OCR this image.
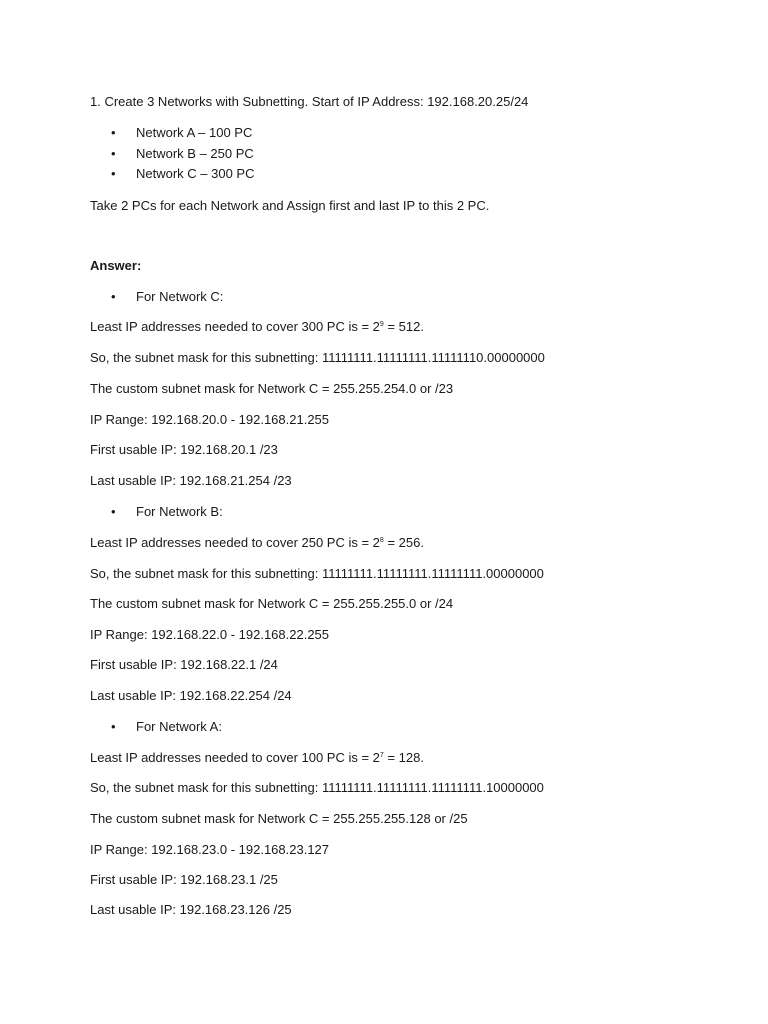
1. Create 3 Networks with Subnetting. Start of IP Address: 192.168.20.25/24
• Network A – 100 PC
• Network B – 250 PC
• Network C – 300 PC
Take 2 PCs for each Network and Assign first and last IP to this 2 PC.
Answer:
• For Network C:
Least IP addresses needed to cover 300 PC is = $2^9 = 512$.
So, the subnet mask for this subnetting: 11111111.11111111.11111110.00000000
The custom subnet mask for Network C = 255.255.254.0 or /23
IP Range: 192.168.20.0 - 192.168.21.255
First usable IP: 192.168.20.1 /23
Last usable IP: 192.168.21.254 /23
• For Network B:
Least IP addresses needed to cover 250 PC is = $2^8 = 256$.
So, the subnet mask for this subnetting: 11111111.11111111.11111111.00000000
The custom subnet mask for Network C = 255.255.255.0 or /24
IP Range: 192.168.22.0 - 192.168.22.255
First usable IP: 192.168.22.1 /24
Last usable IP: 192.168.22.254 /24
• For Network A:
Least IP addresses needed to cover 100 PC is = $2^7 = 128$.
So, the subnet mask for this subnetting: 11111111.11111111.11111111.10000000
The custom subnet mask for Network C = 255.255.255.128 or /25
IP Range: 192.168.23.0 - 192.168.23.127
First usable IP: 192.168.23.1 /25
Last usable IP: 192.168.23.126 /25
